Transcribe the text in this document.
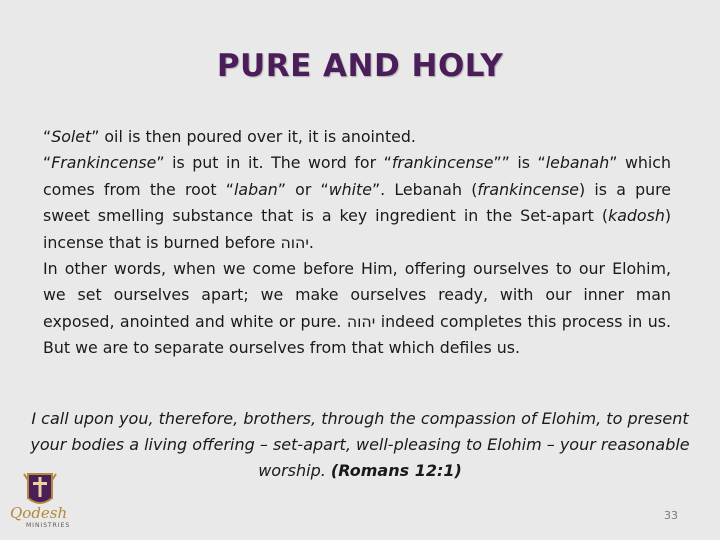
PURE AND HOLY

“Solet” oil is then poured over it, it is anointed.

“Frankincense” is put in it. The word for “frankincense”” is “lebanah” which comes from the root “laban” or “white”. Lebanah (frankincense) is a pure sweet smelling substance that is a key ingredient in the Set-apart (kadosh) incense that is burned before יהוה.

In other words, when we come before Him, offering ourselves to our Elohim, we set ourselves apart; we make ourselves ready, with our inner man exposed, anointed and white or pure. יהוה indeed completes this process in us. But we are to separate ourselves from that which defiles us.

I call upon you, therefore, brothers, through the compassion of Elohim, to present your bodies a living offering – set-apart, well-pleasing to Elohim – your reasonable worship. (Romans 12:1)
Qodesh
MINISTRIES
33
